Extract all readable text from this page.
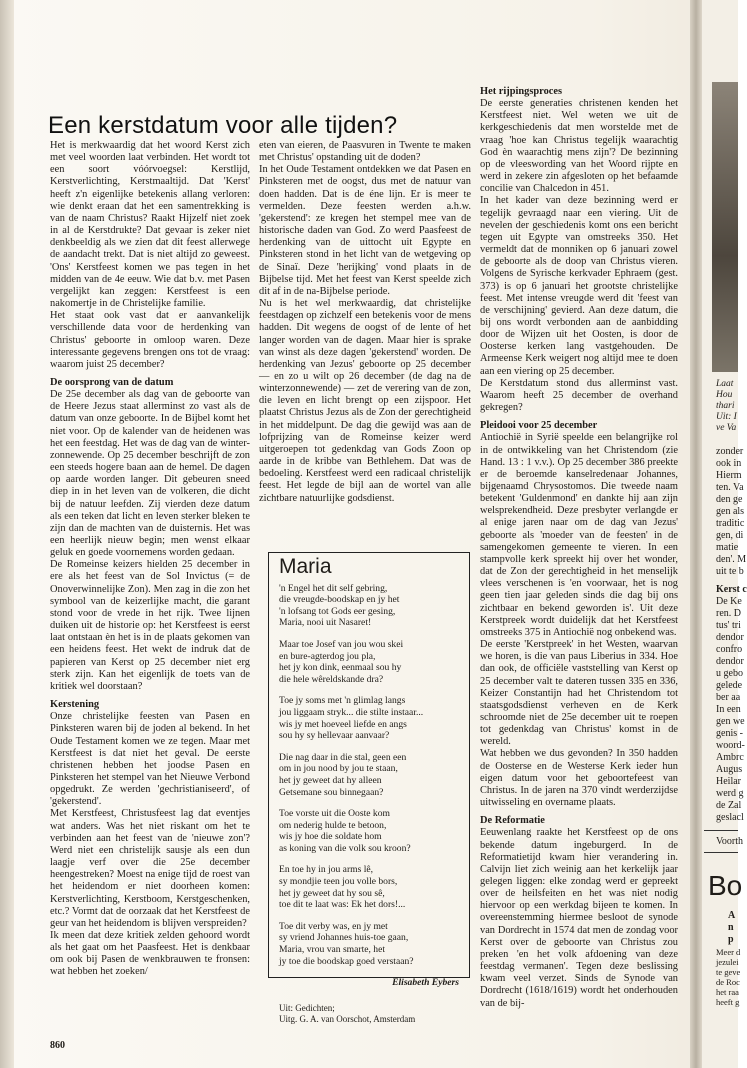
Een kerstdatum voor alle tijden?

Het is merkwaardig dat het woord Kerst zich met veel woorden laat verbinden. Het wordt tot een soort vóórvoegsel: Kerstlijd, Kerstverlichting, Kerstmaaltijd. Dat 'Kerst' heeft z'n eigenlijke betekenis allang verloren: wie denkt eraan dat het een samentrekking is van de naam Christus? Raakt Hijzelf niet zoek in al de Kerstdrukte? Dat gevaar is zeker niet denkbeeldig als we zien dat dit feest allerwege de aandacht trekt. Dat is niet altijd zo geweest. 'Ons' Kerstfeest komen we pas tegen in het midden van de 4e eeuw. Wie dat b.v. met Pasen vergelijkt kan zeggen: Kerstfeest is een nakomertje in de Christelijke familie.

Het staat ook vast dat er aanvankelijk verschillende data voor de herdenking van Christus' geboorte in omloop waren. Deze interessante gegevens brengen ons tot de vraag: waarom juist 25 december?

De oorsprong van de datum

De 25e december als dag van de geboorte van de Heere Jezus staat allerminst zo vast als de datum van onze geboorte. In de Bijbel komt het niet voor. Op de kalender van de heidenen was het een feestdag. Het was de dag van de winter-zonnewende. Op 25 december beschrijft de zon een steeds hogere baan aan de hemel. De dagen op aarde worden langer. Dit gebeuren sneed diep in in het leven van de volkeren, die dicht bij de natuur leefden. Zij vierden deze datum als een teken dat licht en leven sterker bleken te zijn dan de machten van de duisternis. Het was een heerlijk nieuw begin; men wenst elkaar geluk en goede voornemens worden gedaan.

De Romeinse keizers hielden 25 december in ere als het feest van de Sol Invictus (= de Onoverwinnelijke Zon). Men zag in die zon het symbool van de keizerlijke macht, die garant stond voor de vrede in het rijk. Twee lijnen duiken uit de historie op: het Kerstfeest is eerst laat ontstaan èn het is in de plaats gekomen van een heidens feest. Het wekt de indruk dat de papieren van Kerst op 25 december niet erg sterk zijn. Kan het eigenlijk de toets van de kritiek wel doorstaan?

Kerstening

Onze christelijke feesten van Pasen en Pinksteren waren bij de joden al bekend. In het Oude Testament komen we ze tegen. Maar met Kerstfeest is dat niet het geval. De eerste christenen hebben het joodse Pasen en Pinksteren het stempel van het Nieuwe Verbond opgedrukt. Ze werden 'gechristianiseerd', of 'gekerstend'.

Met Kerstfeest, Christusfeest lag dat eventjes wat anders. Was het niet riskant om het te verbinden aan het feest van de 'nieuwe zon'? Werd niet een christelijk sausje als een dun laagje verf over die 25e december heengestreken? Moest na enige tijd de roest van het heidendom er niet doorheen komen: Kerstverlichting, Kerstboom, Kerstgeschenken, etc.? Vormt dat de oorzaak dat het Kerstfeest de geur van het heidendom is blijven verspreiden?

Ik meen dat deze kritiek zelden gehoord wordt als het gaat om het Paasfeest. Het is denkbaar om ook bij Pasen de wenkbrauwen te fronsen: wat hebben het zoeken/

eten van eieren, de Paasvuren in Twente te maken met Christus' opstanding uit de doden?

In het Oude Testament ontdekken we dat Pasen en Pinksteren met de oogst, dus met de natuur van doen hadden. Dat is de éne lijn. Er is meer te vermelden. Deze feesten werden a.h.w. 'gekerstend': ze kregen het stempel mee van de historische daden van God. Zo werd Paasfeest de herdenking van de uittocht uit Egypte en Pinksteren stond in het licht van de wetgeving op de Sinaï. Deze 'herijking' vond plaats in de Bijbelse tijd. Met het feest van Kerst speelde zich dit af in de na-Bijbelse periode.

Nu is het wel merkwaardig, dat christelijke feestdagen op zichzelf een betekenis voor de mens hadden. Dit wegens de oogst of de lente of het langer worden van de dagen. Maar hier is sprake van winst als deze dagen 'gekerstend' worden. De herdenking van Jezus' geboorte op 25 december — en zo u wilt op 26 december (de dag na de winterzonnewende) — zet de verering van de zon, die leven en licht brengt op een zijspoor. Het plaatst Christus Jezus als de Zon der gerechtigheid in het middelpunt. De dag die gewijd was aan de lofprijzing van de Romeinse keizer werd uitgeroepen tot gedenkdag van Gods Zoon op aarde in de kribbe van Bethlehem. Dat was de bedoeling. Kerstfeest werd een radicaal christelijk feest. Het legde de bijl aan de wortel van alle zichtbare natuurlijke godsdienst.

Maria

'n Engel het dit self gebring,
die vreugde-boodskap en jy het
'n lofsang tot Gods eer gesing,
Maria, nooi uit Nasaret!

Maar toe Josef van jou wou skei
en bure-agterdog jou pla,
het jy kon dink, eenmaal sou hy
die hele wêreldskande dra?

Toe jy soms met 'n glimlag langs
jou liggaam stryk... die stilte instaar...
wis jy met hoeveel liefde en angs
sou hy sy hellevaar aanvaar?

Die nag daar in die stal, geen een
om in jou nood by jou te staan,
het jy geweet dat hy alleen
Getsemane sou binnegaan?

Toe vorste uit die Ooste kom
om nederig hulde te betoon,
wis jy hoe die soldate hom
as koning van die volk sou kroon?

En toe hy in jou arms lê,
sy mondjie teen jou volle bors,
het jy geweet dat hy sou sê,
toe dit te laat was: Ek het dors!...

Toe dit verby was, en jy met
sy vriend Johannes huis-toe gaan,
Maria, vrou van smarte, het
jy toe die boodskap goed verstaan?

Elisabeth Eybers

Uit: Gedichten;
Uitg. G. A. van Oorschot, Amsterdam
Het rijpingsproces

De eerste generaties christenen kenden het Kerstfeest niet. Wel weten we uit de kerkgeschiedenis dat men worstelde met de vraag 'hoe kan Christus tegelijk waarachtig God èn waarachtig mens zijn'? De bezinning op de vleeswording van het Woord rijpte en werd in zekere zin afgesloten op het befaamde concilie van Chalcedon in 451.

In het kader van deze bezinning werd er tegelijk gevraagd naar een viering. Uit de nevelen der geschiedenis komt ons een bericht tegen uit Egypte van omstreeks 350. Het vermeldt dat de monniken op 6 januari zowel de geboorte als de doop van Christus vieren. Volgens de Syrische kerkvader Ephraem (gest. 373) is op 6 januari het grootste christelijke feest. Met intense vreugde werd dit 'feest van de verschijning' gevierd. Aan deze datum, die bij ons wordt verbonden aan de aanbidding door de Wijzen uit het Oosten, is door de Oosterse kerken lang vastgehouden. De Armeense Kerk weigert nog altijd mee te doen aan een viering op 25 december.

De Kerstdatum stond dus allerminst vast. Waarom heeft 25 december de overhand gekregen?

Pleidooi voor 25 december

Antiochië in Syrië speelde een belangrijke rol in de ontwikkeling van het Christendom (zie Hand. 13 : 1 v.v.). Op 25 december 386 preekte er de beroemde kanselredenaar Johannes, bijgenaamd Chrysostomos. Die tweede naam betekent 'Guldenmond' en dankte hij aan zijn welsprekendheid. Deze presbyter verlangde er al enige jaren naar om de dag van Jezus' geboorte als 'moeder van de feesten' in de samengekomen gemeente te vieren. In een stampvolle kerk spreekt hij over het wonder, dat de Zon der gerechtigheid in het menselijk vlees verschenen is 'en voorwaar, het is nog geen tien jaar geleden sinds die dag bij ons zichtbaar en bekend geworden is'. Uit deze Kerstpreek wordt duidelijk dat het Kerstfeest omstreeks 375 in Antiochië nog onbekend was.

De eerste 'Kerstpreek' in het Westen, waarvan we horen, is die van paus Liberius in 334. Hoe dan ook, de officiële vaststelling van Kerst op 25 december valt te dateren tussen 335 en 336, Keizer Constantijn had het Christendom tot staatsgodsdienst verheven en de Kerk schroomde niet de 25e december uit te roepen tot gedenkdag van Christus' komst in de wereld.

Wat hebben we dus gevonden? In 350 hadden de Oosterse en de Westerse Kerk ieder hun eigen datum voor het geboortefeest van Christus. In de jaren na 370 vindt werderzijdse uitwisseling en overname plaats.

De Reformatie

Eeuwenlang raakte het Kerstfeest op de ons bekende datum ingeburgerd. In de Reformatietijd kwam hier verandering in. Calvijn liet zich weinig aan het kerkelijk jaar gelegen liggen: elke zondag werd er gepreekt over de heilsfeiten en het was niet nodig hiervoor op een werkdag bijeen te komen. In overeenstemming hiermee besloot de synode van Dordrecht in 1574 dat men de zondag voor Kerst over de geboorte van Christus zou preken 'en het volk afdoening van deze feestdag vermanen'. Tegen deze beslissing kwam veel verzet. Sinds de Synode van Dordrecht (1618/1619) wordt het onderhouden van de bij-

860
Laat
Hou
thari
Uit: I
ve Va
zonder
ook in
Hierm
ten. Va
den ge
gen als
traditic
gen, di
matie
den'. M
uit te b
Kerst c
De Ke
ren. D
tus' tri
dendor
confro
dendor
u gebo
gelede
ber aa
In een
gen we
genis -
woord-
Ambrc
Augus
Heilar
werd g
de Zal
geslacl
Voorth
Bo
A
n
p
Meer d
jezulei
te geve
de Roc
het raa
heeft g
